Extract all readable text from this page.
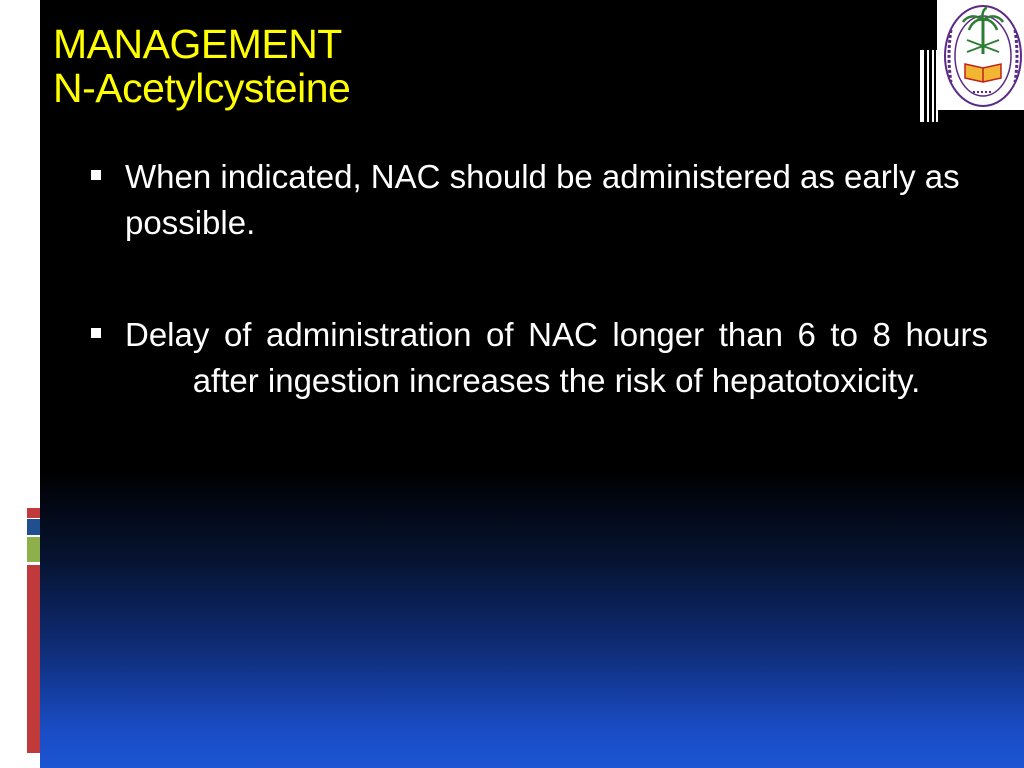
MANAGEMENT
N-Acetylcysteine
When indicated, NAC should be administered as early as possible.
Delay of administration of NAC longer than 6 to 8 hours after ingestion increases the risk of hepatotoxicity.
